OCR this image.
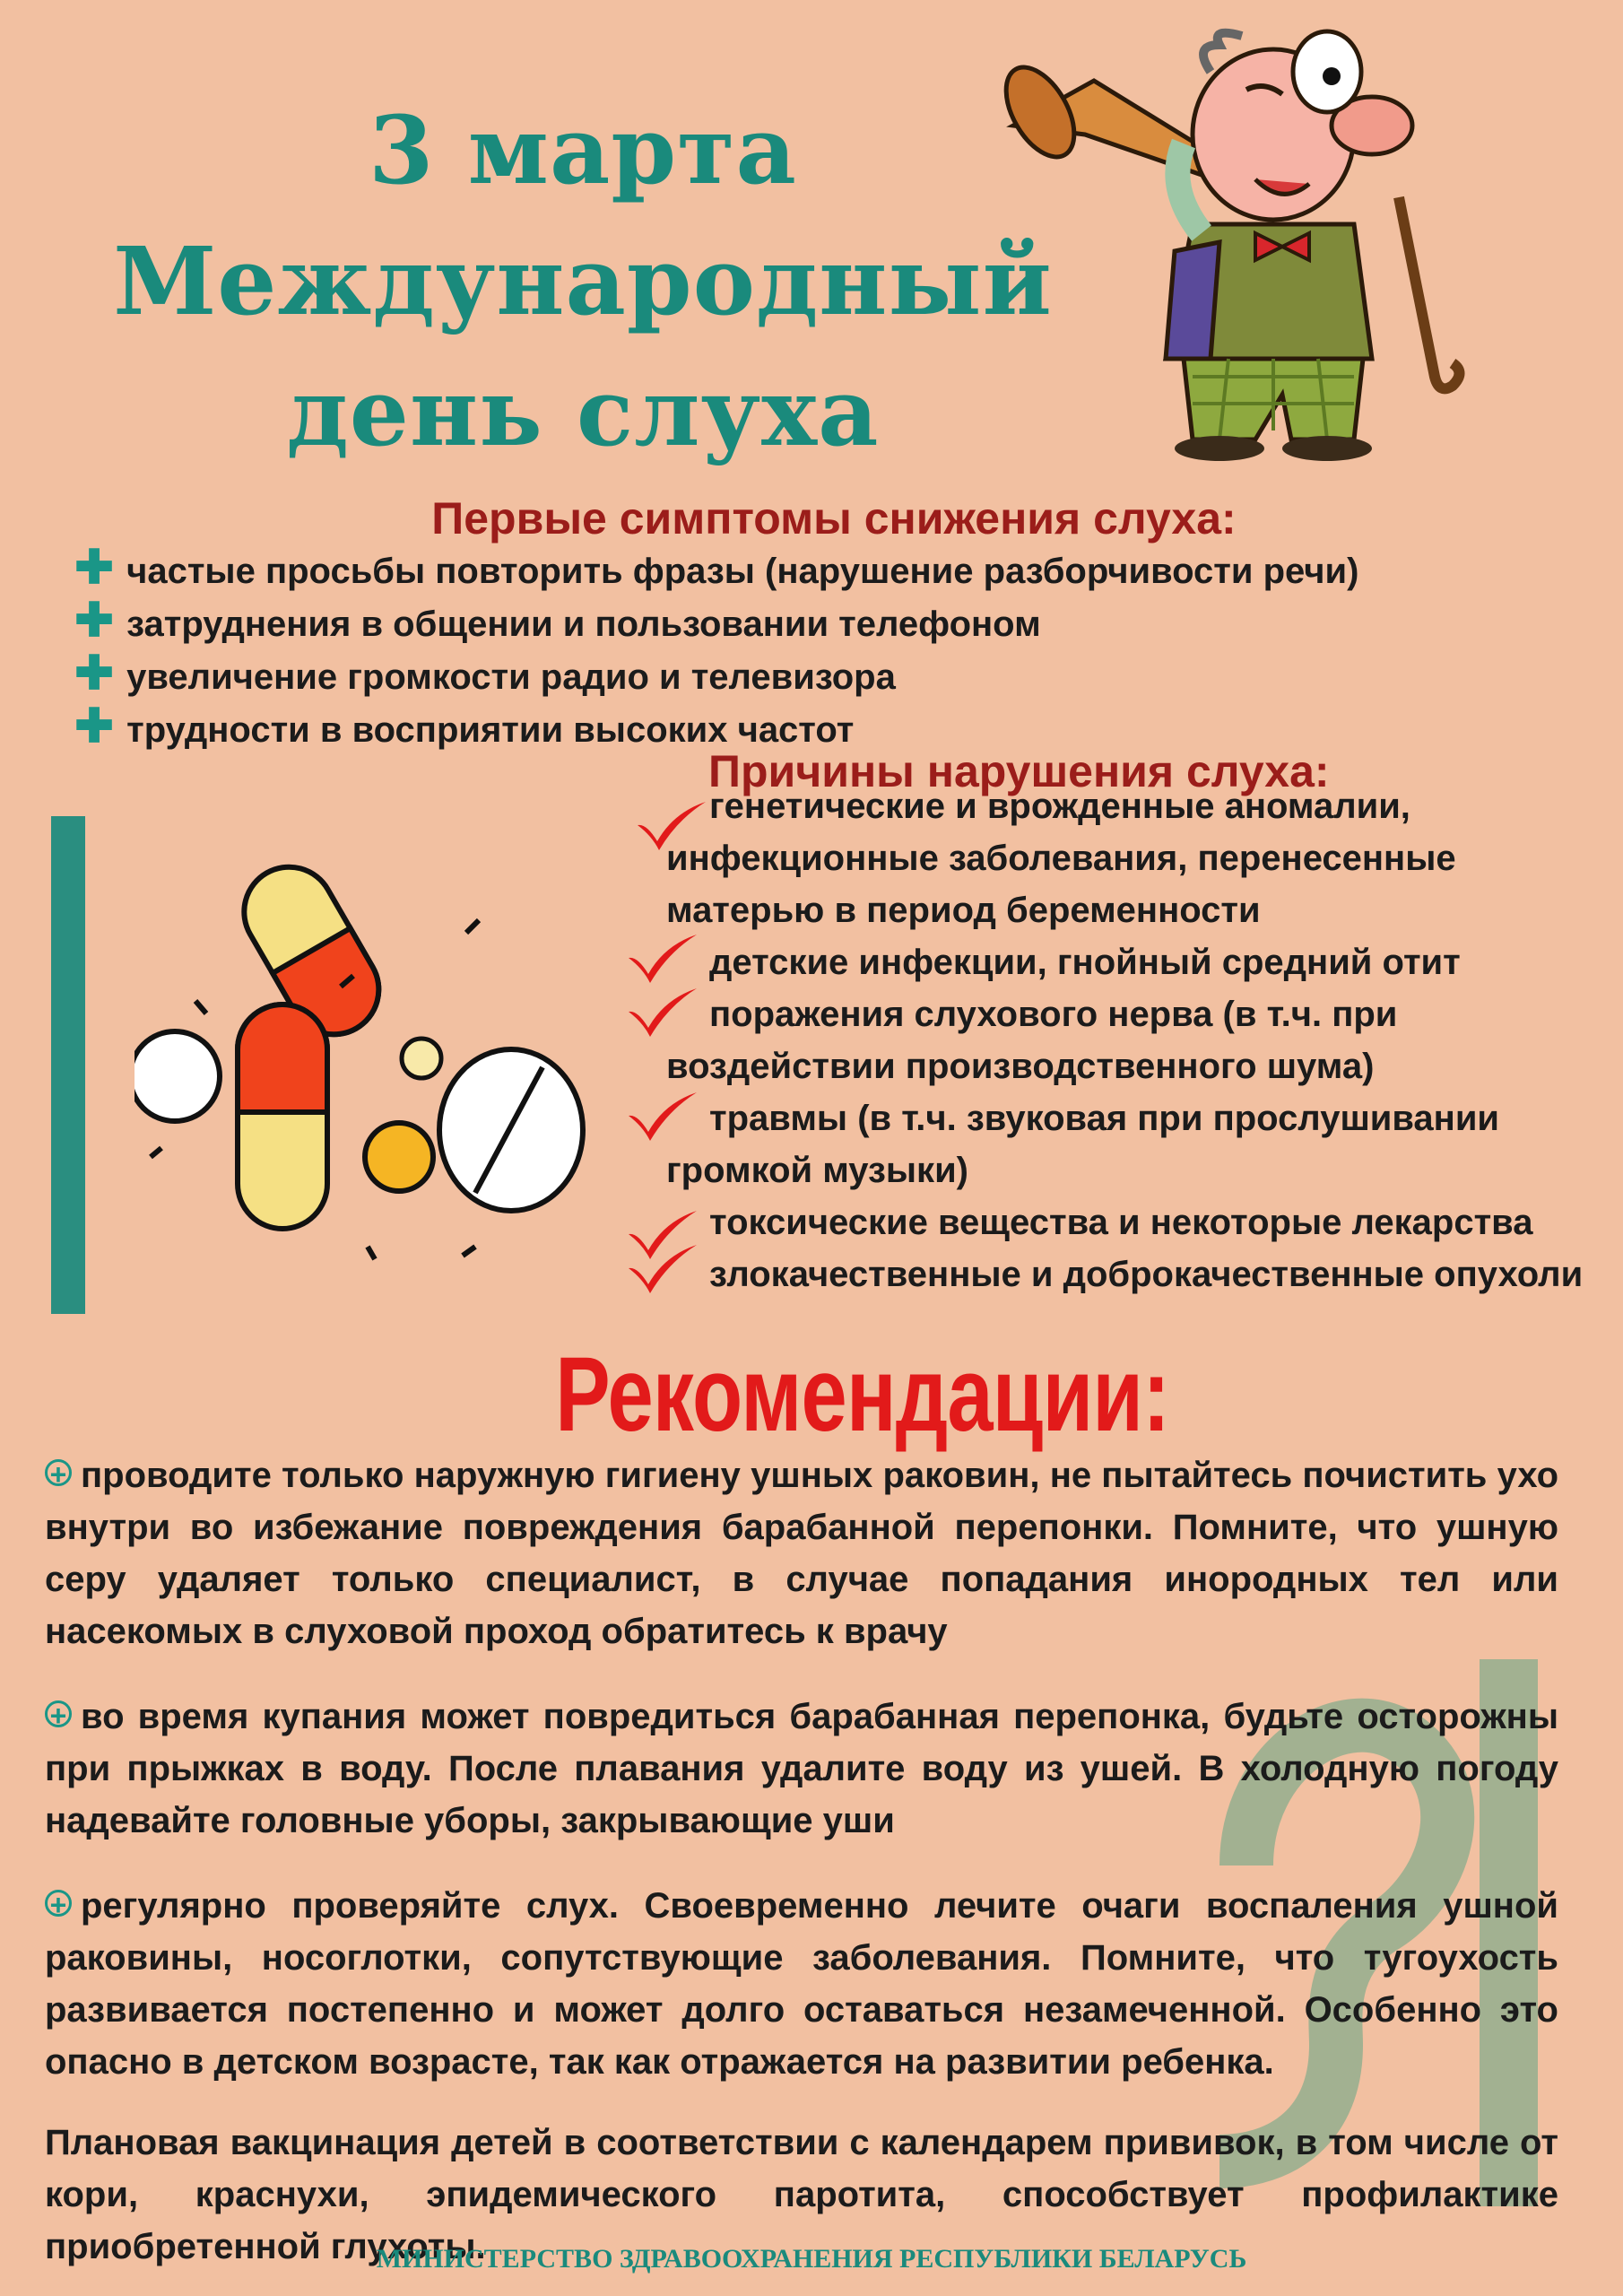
3 марта
Международный
день слуха
Первые симптомы снижения слуха:
✚ частые просьбы повторить фразы (нарушение разборчивости речи)
✚ затруднения в общении и пользовании телефоном
✚ увеличение громкости радио и телевизора
✚ трудности в восприятии высоких частот
Причины нарушения слуха:
генетические и врожденные аномалии, инфекционные заболевания, перенесенные матерью в период беременности
детские инфекции, гнойный средний отит
поражения слухового нерва (в т.ч. при воздействии производственного шума)
травмы (в т.ч. звуковая при прослушивании громкой музыки)
токсические вещества и некоторые лекарства
злокачественные и доброкачественные опухоли
Рекомендации:

+ проводите только наружную гигиену ушных раковин, не пытайтесь почистить ухо внутри во избежание повреждения барабанной перепонки. Помните, что ушную серу удаляет только специалист, в случае попадания инородных тел или насекомых в слуховой проход обратитесь к врачу

+ во время купания может повредиться барабанная перепонка, будьте осторожны при прыжках в воду. После плавания удалите воду из ушей. В холодную погоду надевайте головные уборы, закрывающие уши

+ регулярно проверяйте слух. Своевременно лечите очаги воспаления ушной раковины, носоглотки, сопутствующие заболевания. Помните, что тугоухость развивается постепенно и может долго оставаться незамеченной. Особенно это опасно в детском возрасте, так как отражается на развитии ребенка.

Плановая вакцинация детей в соответствии с календарем прививок, в том числе от кори, краснухи, эпидемического паротита, способствует профилактике приобретенной глухоты.

МИНИСТЕРСТВО ЗДРАВООХРАНЕНИЯ РЕСПУБЛИКИ БЕЛАРУСЬ
